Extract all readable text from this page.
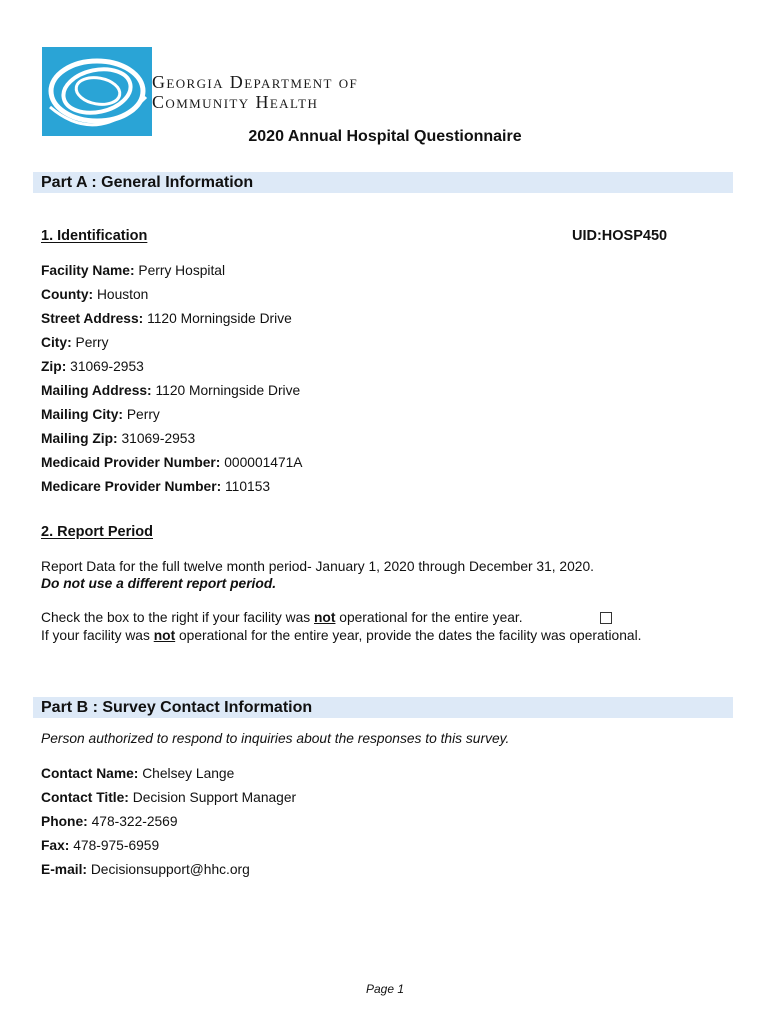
Georgia Department of
Community Health
2020 Annual Hospital Questionnaire
Part A : General Information
1. Identification	UID:HOSP450
Facility Name: Perry Hospital
County: Houston
Street Address: 1120 Morningside Drive
City: Perry
Zip: 31069-2953
Mailing Address: 1120 Morningside Drive
Mailing City: Perry
Mailing Zip: 31069-2953
Medicaid Provider Number: 000001471A
Medicare Provider Number: 110153
2. Report Period
Report Data for the full twelve month period- January 1, 2020 through December 31, 2020.
Do not use a different report period.
Check the box to the right if your facility was not operational for the entire year.
If your facility was not operational for the entire year, provide the dates the facility was operational.
Part B : Survey Contact Information
Person authorized to respond to inquiries about the responses to this survey.
Contact Name: Chelsey Lange
Contact Title: Decision Support Manager
Phone: 478-322-2569
Fax: 478-975-6959
E-mail: Decisionsupport@hhc.org
Page 1
